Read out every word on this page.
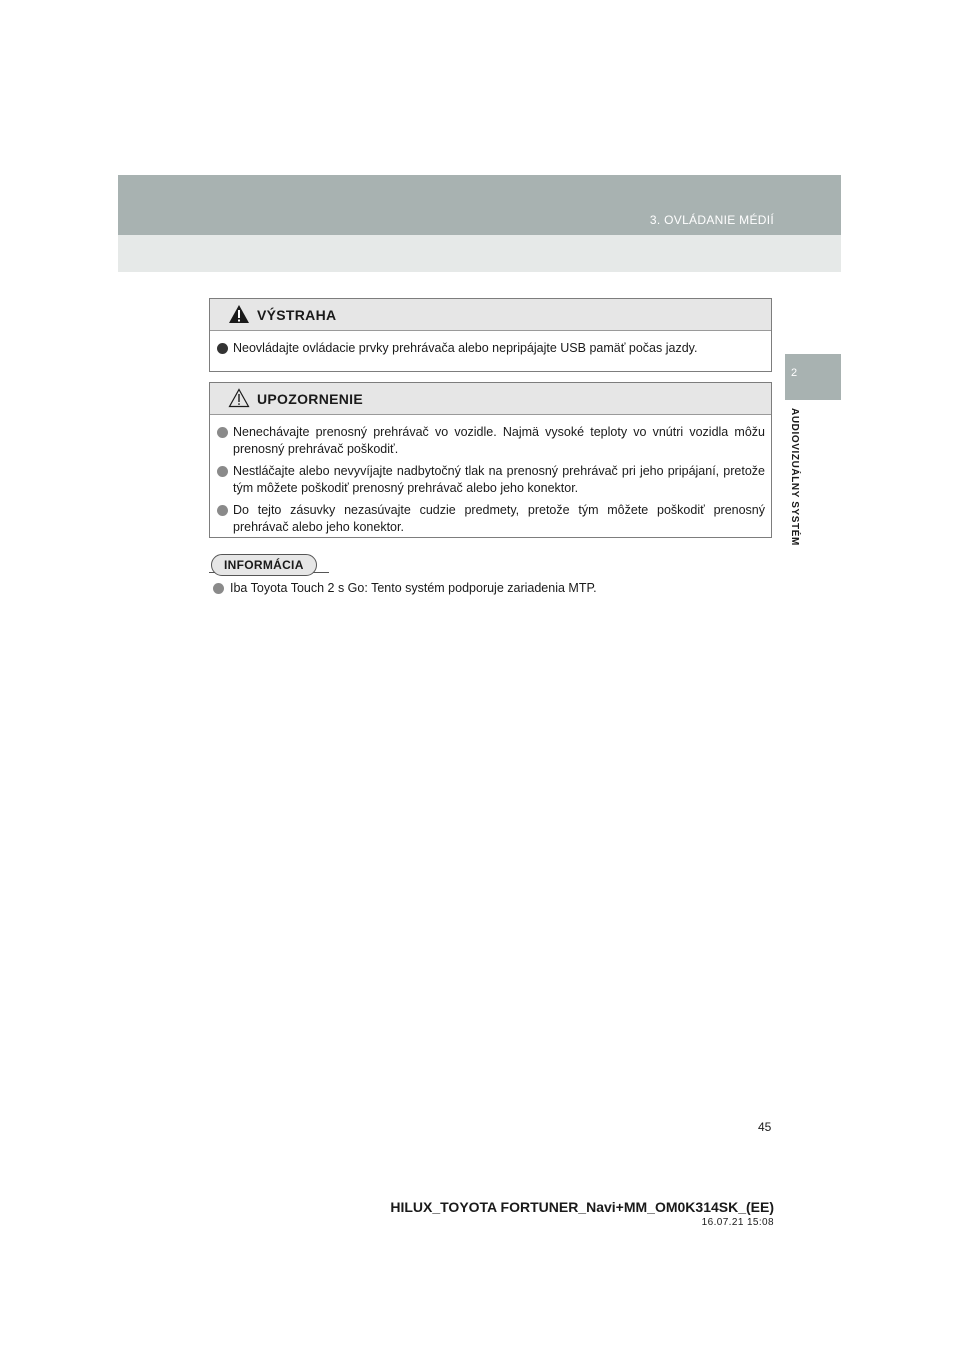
3. OVLÁDANIE MÉDIÍ
2
AUDIOVIZUÁLNY SYSTÉM
VÝSTRAHA
Neovládajte ovládacie prvky prehrávača alebo nepripájajte USB pamäť počas jazdy.
UPOZORNENIE
Nenechávajte prenosný prehrávač vo vozidle. Najmä vysoké teploty vo vnútri vozidla môžu prenosný prehrávač poškodiť.
Nestláčajte alebo nevyvíjajte nadbytočný tlak na prenosný prehrávač pri jeho pripájaní, pretože tým môžete poškodiť prenosný prehrávač alebo jeho konektor.
Do tejto zásuvky nezasúvajte cudzie predmety, pretože tým môžete poškodiť prenosný prehrávač alebo jeho konektor.
INFORMÁCIA
Iba Toyota Touch 2 s Go: Tento systém podporuje zariadenia MTP.
45
HILUX_TOYOTA FORTUNER_Navi+MM_OM0K314SK_(EE)
16.07.21 15:08
